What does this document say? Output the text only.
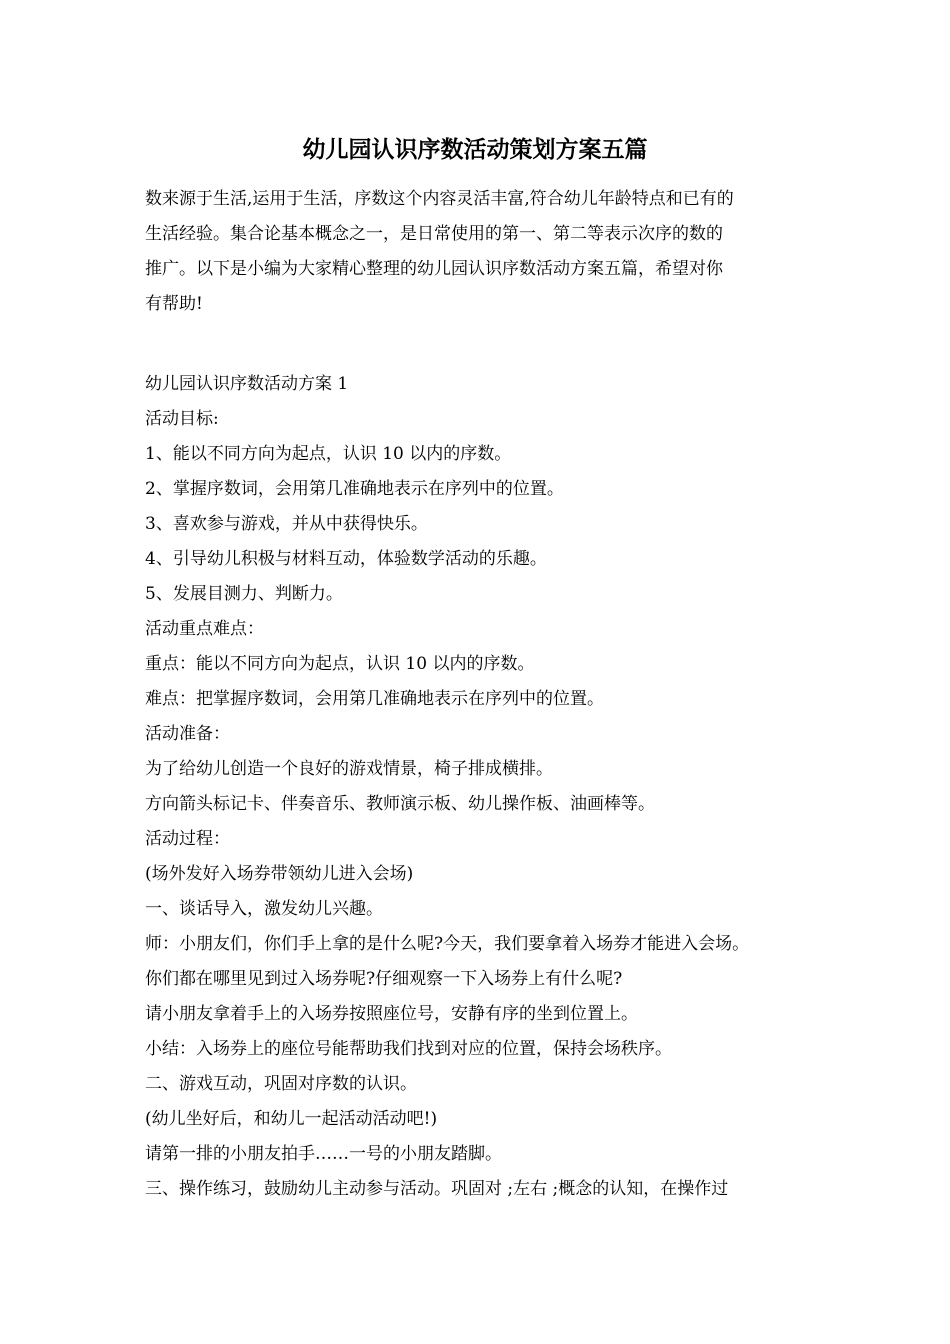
幼儿园认识序数活动策划方案五篇
数来源于生活,运用于生活，序数这个内容灵活丰富,符合幼儿年龄特点和已有的
生活经验。集合论基本概念之一，是日常使用的第一、第二等表示次序的数的
推广。以下是小编为大家精心整理的幼儿园认识序数活动方案五篇，希望对你
有帮助!
幼儿园认识序数活动方案 1
活动目标:
1、能以不同方向为起点，认识 10 以内的序数。
2、掌握序数词，会用第几准确地表示在序列中的位置。
3、喜欢参与游戏，并从中获得快乐。
4、引导幼儿积极与材料互动，体验数学活动的乐趣。
5、发展目测力、判断力。
活动重点难点：
重点：能以不同方向为起点，认识 10 以内的序数。
难点：把掌握序数词，会用第几准确地表示在序列中的位置。
活动准备：
为了给幼儿创造一个良好的游戏情景，椅子排成横排。
方向箭头标记卡、伴奏音乐、教师演示板、幼儿操作板、油画棒等。
活动过程：
(场外发好入场券带领幼儿进入会场)
一、谈话导入，激发幼儿兴趣。
师：小朋友们，你们手上拿的是什么呢?今天，我们要拿着入场券才能进入会场。
你们都在哪里见到过入场券呢?仔细观察一下入场券上有什么呢?
请小朋友拿着手上的入场券按照座位号，安静有序的坐到位置上。
小结：入场券上的座位号能帮助我们找到对应的位置，保持会场秩序。
二、游戏互动，巩固对序数的认识。
(幼儿坐好后，和幼儿一起活动活动吧!)
请第一排的小朋友拍手……一号的小朋友踏脚。
三、操作练习，鼓励幼儿主动参与活动。巩固对 ;左右 ;概念的认知，在操作过
